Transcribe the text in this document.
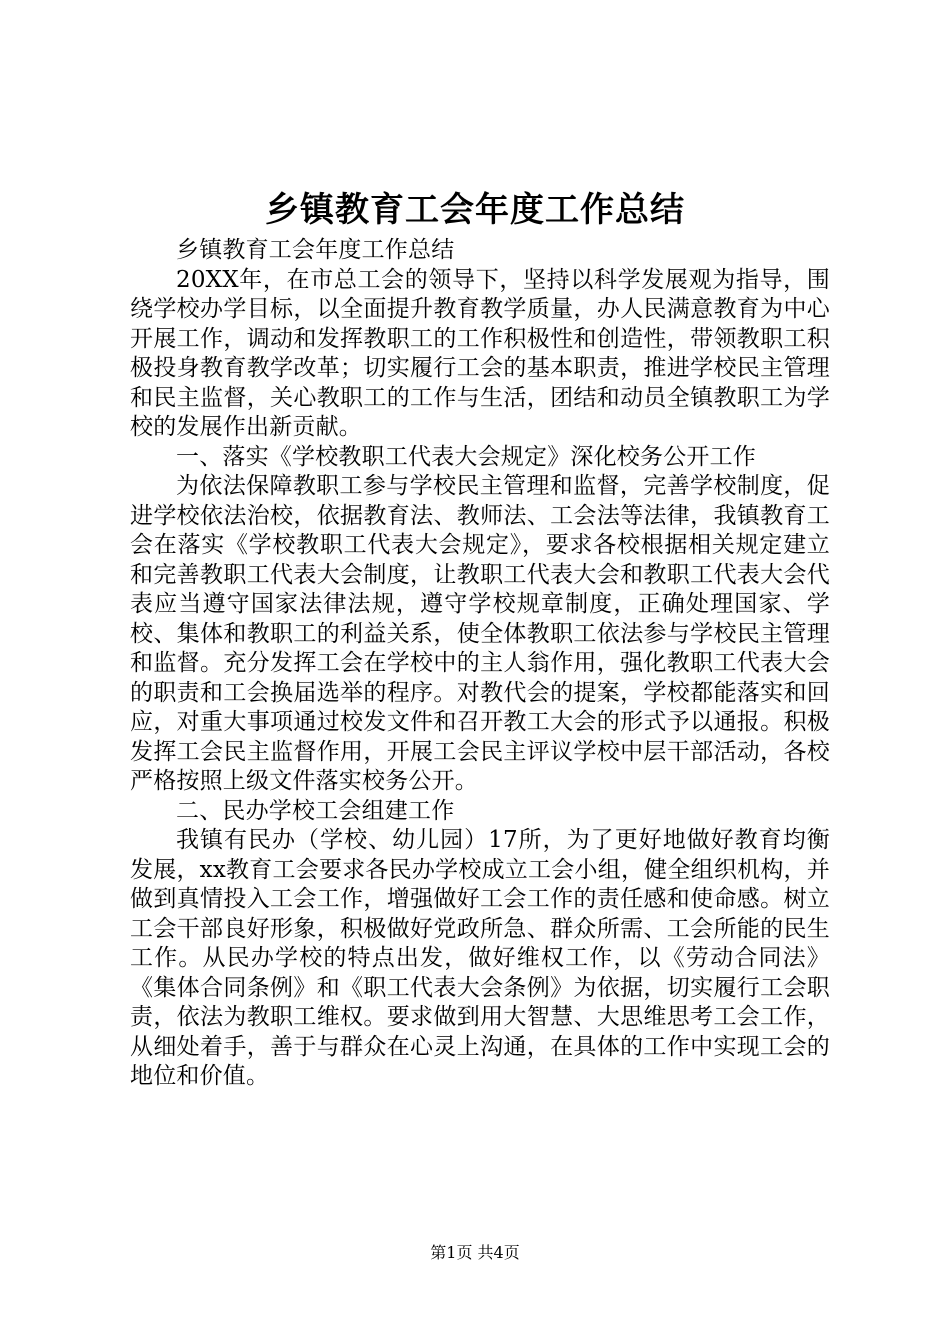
乡镇教育工会年度工作总结

乡镇教育工会年度工作总结

20XX年，在市总工会的领导下，坚持以科学发展观为指导，围绕学校办学目标，以全面提升教育教学质量，办人民满意教育为中心开展工作，调动和发挥教职工的工作积极性和创造性，带领教职工积极投身教育教学改革；切实履行工会的基本职责，推进学校民主管理和民主监督，关心教职工的工作与生活，团结和动员全镇教职工为学校的发展作出新贡献。

一、落实《学校教职工代表大会规定》深化校务公开工作

为依法保障教职工参与学校民主管理和监督，完善学校制度，促进学校依法治校，依据教育法、教师法、工会法等法律，我镇教育工会在落实《学校教职工代表大会规定》，要求各校根据相关规定建立和完善教职工代表大会制度，让教职工代表大会和教职工代表大会代表应当遵守国家法律法规，遵守学校规章制度，正确处理国家、学校、集体和教职工的利益关系，使全体教职工依法参与学校民主管理和监督。充分发挥工会在学校中的主人翁作用，强化教职工代表大会的职责和工会换届选举的程序。对教代会的提案，学校都能落实和回应，对重大事项通过校发文件和召开教工大会的形式予以通报。积极发挥工会民主监督作用，开展工会民主评议学校中层干部活动，各校严格按照上级文件落实校务公开。

二、民办学校工会组建工作

我镇有民办（学校、幼儿园）17所，为了更好地做好教育均衡发展，xx教育工会要求各民办学校成立工会小组，健全组织机构，并做到真情投入工会工作，增强做好工会工作的责任感和使命感。树立工会干部良好形象，积极做好党政所急、群众所需、工会所能的民生工作。从民办学校的特点出发，做好维权工作，以《劳动合同法》《集体合同条例》和《职工代表大会条例》为依据，切实履行工会职责，依法为教职工维权。要求做到用大智慧、大思维思考工会工作，从细处着手，善于与群众在心灵上沟通，在具体的工作中实现工会的地位和价值。

第1页 共4页
